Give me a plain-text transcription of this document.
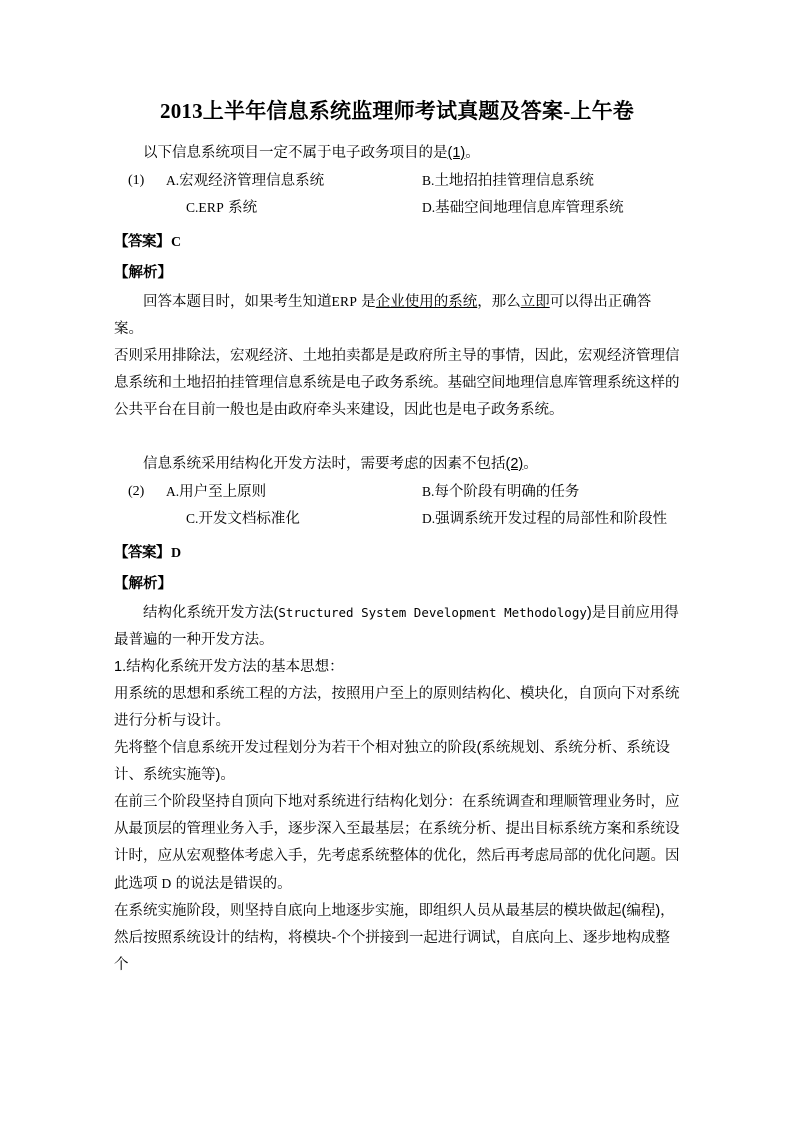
2013上半年信息系统监理师考试真题及答案-上午卷

以下信息系统项目一定不属于电子政务项目的是(1)。

(1) A.宏观经济管理信息系统	B.土地招拍挂管理信息系统
C.ERP 系统	D.基础空间地理信息库管理系统

【答案】C

【解析】

回答本题目时，如果考生知道ERP 是企业使用的系统，那么立即可以得出正确答案。

否则采用排除法，宏观经济、土地拍卖都是是政府所主导的事情，因此，宏观经济管理信息系统和土地招拍挂管理信息系统是电子政务系统。基础空间地理信息库管理系统这样的公共平台在目前一般也是由政府牵头来建设，因此也是电子政务系统。

信息系统采用结构化开发方法时，需要考虑的因素不包括(2)。

(2) A.用户至上原则	B.每个阶段有明确的任务
C.开发文档标准化	D.强调系统开发过程的局部性和阶段性

【答案】D

【解析】

结构化系统开发方法(Structured System Development Methodology)是目前应用得最普遍的一种开发方法。

1.结构化系统开发方法的基本思想：

用系统的思想和系统工程的方法，按照用户至上的原则结构化、模块化，自顶向下对系统进行分析与设计。

先将整个信息系统开发过程划分为若干个相对独立的阶段(系统规划、系统分析、系统设计、系统实施等)。

在前三个阶段坚持自顶向下地对系统进行结构化划分：在系统调查和理顺管理业务时，应从最顶层的管理业务入手，逐步深入至最基层；在系统分析、提出目标系统方案和系统设计时，应从宏观整体考虑入手，先考虑系统整体的优化，然后再考虑局部的优化问题。因此选项 D 的说法是错误的。

在系统实施阶段，则坚持自底向上地逐步实施，即组织人员从最基层的模块做起(编程)，然后按照系统设计的结构，将模块-个个拼接到一起进行调试，自底向上、逐步地构成整个
